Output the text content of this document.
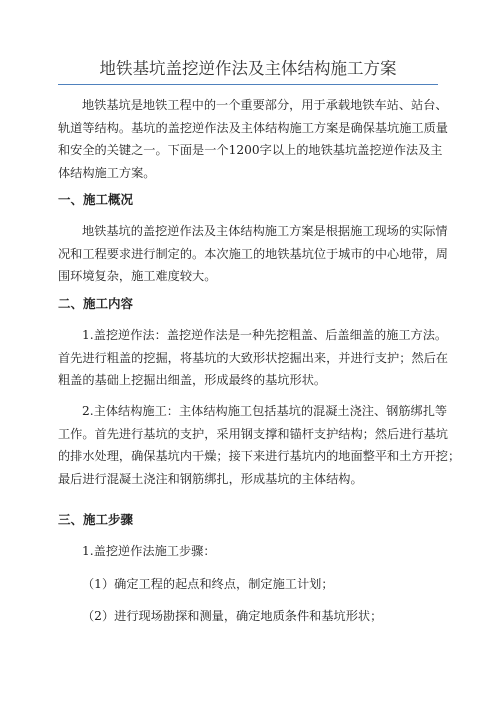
地铁基坑盖挖逆作法及主体结构施工方案
地铁基坑是地铁工程中的一个重要部分，用于承载地铁车站、站台、
轨道等结构。基坑的盖挖逆作法及主体结构施工方案是确保基坑施工质量
和安全的关键之一。下面是一个1200字以上的地铁基坑盖挖逆作法及主
体结构施工方案。
一、施工概况
地铁基坑的盖挖逆作法及主体结构施工方案是根据施工现场的实际情
况和工程要求进行制定的。本次施工的地铁基坑位于城市的中心地带，周
围环境复杂，施工难度较大。
二、施工内容
1.盖挖逆作法：盖挖逆作法是一种先挖粗盖、后盖细盖的施工方法。
首先进行粗盖的挖掘，将基坑的大致形状挖掘出来，并进行支护；然后在
粗盖的基础上挖掘出细盖，形成最终的基坑形状。
2.主体结构施工：主体结构施工包括基坑的混凝土浇注、钢筋绑扎等
工作。首先进行基坑的支护，采用钢支撑和锚杆支护结构；然后进行基坑
的排水处理，确保基坑内干燥；接下来进行基坑内的地面整平和土方开挖；
最后进行混凝土浇注和钢筋绑扎，形成基坑的主体结构。
三、施工步骤
1.盖挖逆作法施工步骤：
（1）确定工程的起点和终点，制定施工计划；
（2）进行现场勘探和测量，确定地质条件和基坑形状；
